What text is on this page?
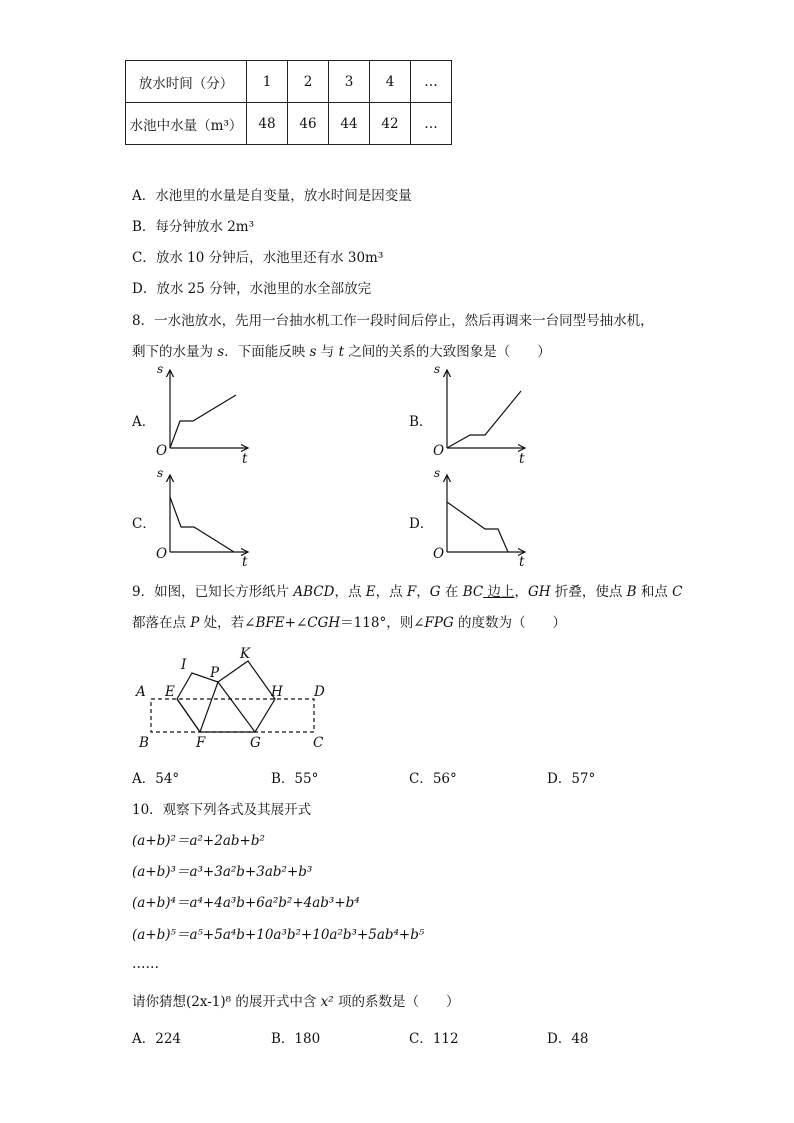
放水时间（分）	1	2	3	4	…
水池中水量（m³）	48	46	44	42	…
A．水池里的水量是自变量，放水时间是因变量
B．每分钟放水 2m³
C．放水 10 分钟后，水池里还有水 30m³
D．放水 25 分钟，水池里的水全部放完
8．一水池放水，先用一台抽水机工作一段时间后停止，然后再调来一台同型号抽水机，
剩下的水量为 s．下面能反映 s 与 t 之间的关系的大致图象是（　　）
A．
s
O	t
B．
s
O	t
C．
s
O	t
D．
s
O	t
9．如图，已知长方形纸片 ABCD，点 E，点 F，G 在 BC 边上，GH 折叠，使点 B 和点 C
都落在点 P 处，若∠BFE+∠CGH＝118°，则∠FPG 的度数为（　　）
A
B	C
D
E
F	G
H
I
K
P
A．54°	B．55°	C．56°	D．57°
10．观察下列各式及其展开式
(a+b)²＝a²+2ab+b²
(a+b)³＝a³+3a²b+3ab²+b³
(a+b)⁴＝a⁴+4a³b+6a²b²+4ab³+b⁴
(a+b)⁵＝a⁵+5a⁴b+10a³b²+10a²b³+5ab⁴+b⁵
……
请你猜想(2x-1)⁸ 的展开式中含 x² 项的系数是（　　）
A．224	B．180	C．112	D．48
